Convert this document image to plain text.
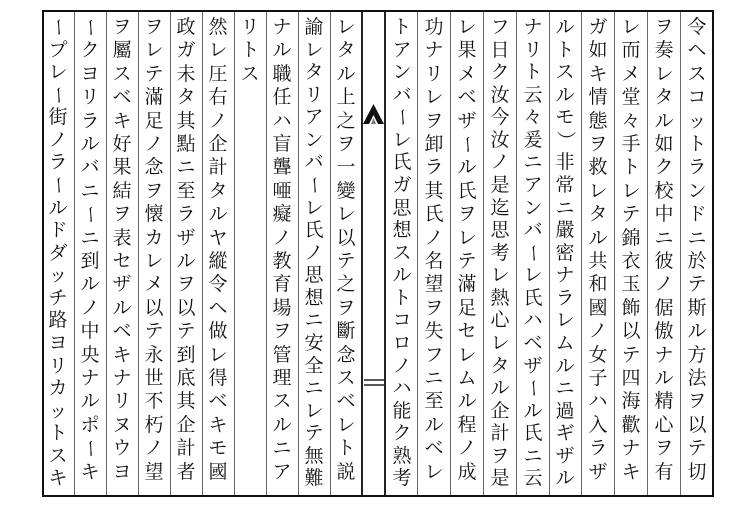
令
ヘ
ス
コ
ッ
ト
ラ
ン
ド
ニ
於
テ
斯
ル
方
法
ヲ
以
テ
切
ヲ
奏
レ
タ
ル
如
ク
校
中
ニ
彼
ノ
倨
傲
ナ
ル
精
心
ヲ
有
レ
而
メ
堂
々
手
ト
レ
テ
錦
衣
玉
飾
以
テ
四
海
歡
ナ
キ
ガ
如
キ
情
態
ヲ
救
レ
タ
ル
共
和
國
ノ
女
子
ハ
入
ラ
ザ
ル
ト
ス
ル
モ
）
非
常
ニ
嚴
密
ナ
ラ
レ
ム
ル
ニ
過
ギ
ザ
ル
ナ
リ
ト
云
々
爰
ニ
ア
ン
バ
ー
レ
氏
ハ
ベ
ザ
ー
ル
氏
ニ
云
フ
日
ク
汝
今
汝
ノ
是
迄
思
考
レ
熱
心
レ
タ
ル
企
計
ヲ
是
レ
果
メ
ベ
ザ
ー
ル
氏
ヲ
レ
テ
滿
足
セ
レ
ム
ル
程
ノ
成
功
ナ
リ
レ
ヲ
卸
ラ
其
氏
ノ
名
望
ヲ
失
フ
ニ
至
ル
ベ
レ
ト
ア
ン
バ
ー
レ
氏
ガ
思
想
ス
ル
ト
コ
ロ
ノ
ハ
能
ク
熟
考
レ
タ
ル
上
之
ヲ
一
變
レ
以
テ
之
ヲ
斷
念
ス
ベ
レ
ト
説
諭
レ
タ
リ
ア
ン
バ
ー
レ
氏
ノ
思
想
ニ
安
全
ニ
レ
テ
無
難
ナ
ル
職
任
ハ
盲
聾
唖
癡
ノ
教
育
場
ヲ
管
理
ス
ル
ニ
ア
リ
ト
ス
然
レ
圧
右
ノ
企
計
タ
ル
ヤ
縱
令
ヘ
做
レ
得
ベ
キ
モ
國
政
ガ
未
タ
其
點
ニ
至
ラ
ザ
ル
ヲ
以
テ
到
底
其
企
計
者
ヲ
レ
テ
滿
足
ノ
念
ヲ
懐
カ
レ
メ
以
テ
永
世
不
朽
ノ
望
ヲ
屬
ス
ベ
キ
好
果
結
ヲ
表
セ
ザ
ル
ベ
キ
ナ
リ
ヌ
ウ
ヨ
ー
ク
ヨ
リ
ラ
ル
バ
ニ
ー
ニ
到
ル
ノ
中
央
ナ
ル
ポ
ー
キ
ー
プ
レ
ー
街
ノ
ラ
ー
ル
ド
ダ
ッ
チ
路
ヨ
リ
カ
ッ
ト
ス
キ
